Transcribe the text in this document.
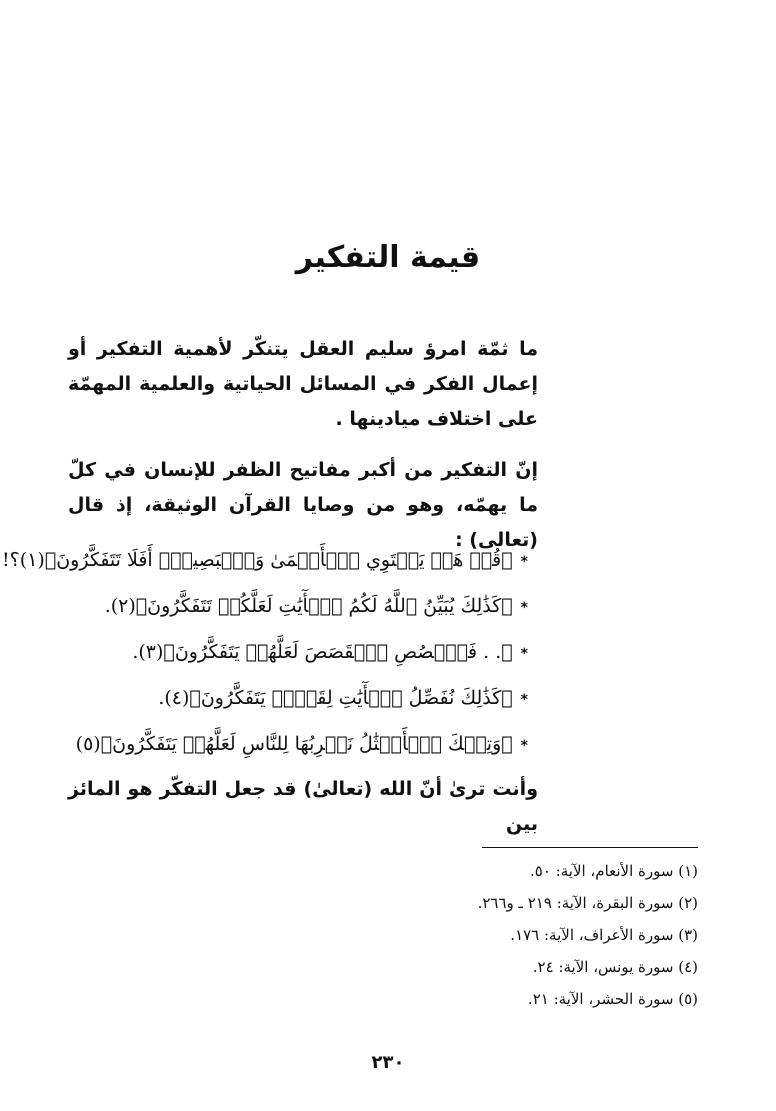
قيمة التفكير
ما ثمّة امرؤ سليم العقل يتنكّر لأهمية التفكير أو إعمال الفكر في المسائل الحياتية والعلمية المهمّة على اختلاف ميادينها .
إنّ التفكير من أكبر مفاتيح الظفر للإنسان في كلّ ما يهمّه، وهو من وصايا القرآن الوثيقة، إذ قال (تعالى) :
*﴿قُلۡ هَلۡ يَسۡتَوِي ٱلۡأَعۡمَىٰ وَٱلۡبَصِيرُۚ أَفَلَا تَتَفَكَّرُونَ﴾(١)؟!
*﴿كَذَٰلِكَ يُبَيِّنُ ٱللَّهُ لَكُمُ ٱلۡأٓيَٰتِ لَعَلَّكُمۡ تَتَفَكَّرُونَ﴾(٢).
*﴿. . فَٱقۡصُصِ ٱلۡقَصَصَ لَعَلَّهُمۡ يَتَفَكَّرُونَ﴾(٣).
*﴿كَذَٰلِكَ نُفَصِّلُ ٱلۡأٓيَٰتِ لِقَوۡمٖ يَتَفَكَّرُونَ﴾(٤).
*﴿وَتِلۡكَ ٱلۡأَمۡثَٰلُ نَضۡرِبُهَا لِلنَّاسِ لَعَلَّهُمۡ يَتَفَكَّرُونَ﴾(٥)
وأنت ترىٰ أنّ الله (تعالىٰ) قد جعل التفكّر هو المائز بين
(١) سورة الأنعام، الآية: ٥٠.
(٢) سورة البقرة، الآية: ٢١٩ ـ و٢٦٦.
(٣) سورة الأعراف، الآية: ١٧٦.
(٤) سورة يونس، الآية: ٢٤.
(٥) سورة الحشر، الآية: ٢١.
٢٣٠
